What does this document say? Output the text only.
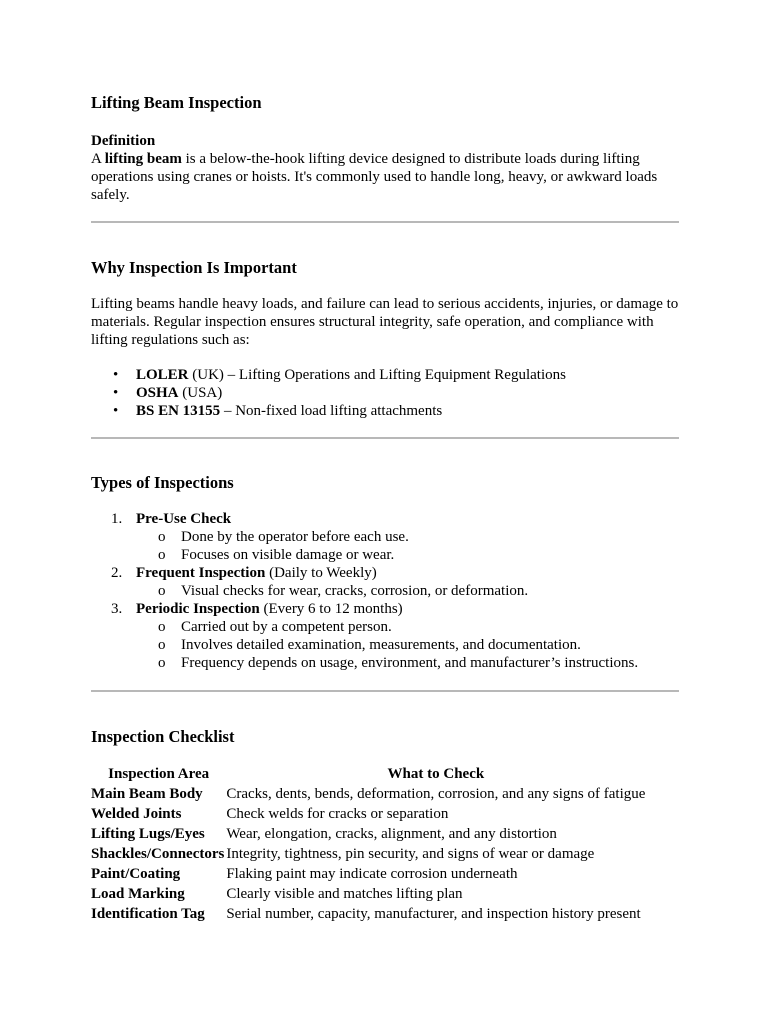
Lifting Beam Inspection

Definition

A lifting beam is a below-the-hook lifting device designed to distribute loads during lifting operations using cranes or hoists. It's commonly used to handle long, heavy, or awkward loads safely.

Why Inspection Is Important

Lifting beams handle heavy loads, and failure can lead to serious accidents, injuries, or damage to materials. Regular inspection ensures structural integrity, safe operation, and compliance with lifting regulations such as:

• LOLER (UK) – Lifting Operations and Lifting Equipment Regulations
• OSHA (USA)
• BS EN 13155 – Non-fixed load lifting attachments
Types of Inspections
1. Pre-Use Check
o Done by the operator before each use.
o Focuses on visible damage or wear.
2. Frequent Inspection (Daily to Weekly)
o Visual checks for wear, cracks, corrosion, or deformation.
3. Periodic Inspection (Every 6 to 12 months)
o Carried out by a competent person.
o Involves detailed examination, measurements, and documentation.
o Frequency depends on usage, environment, and manufacturer’s instructions.
Inspection Checklist
Inspection Area	What to Check
Main Beam Body	Cracks, dents, bends, deformation, corrosion, and any signs of fatigue
Welded Joints	Check welds for cracks or separation
Lifting Lugs/Eyes	Wear, elongation, cracks, alignment, and any distortion
Shackles/Connectors	Integrity, tightness, pin security, and signs of wear or damage
Paint/Coating	Flaking paint may indicate corrosion underneath
Load Marking	Clearly visible and matches lifting plan
Identification Tag	Serial number, capacity, manufacturer, and inspection history present
